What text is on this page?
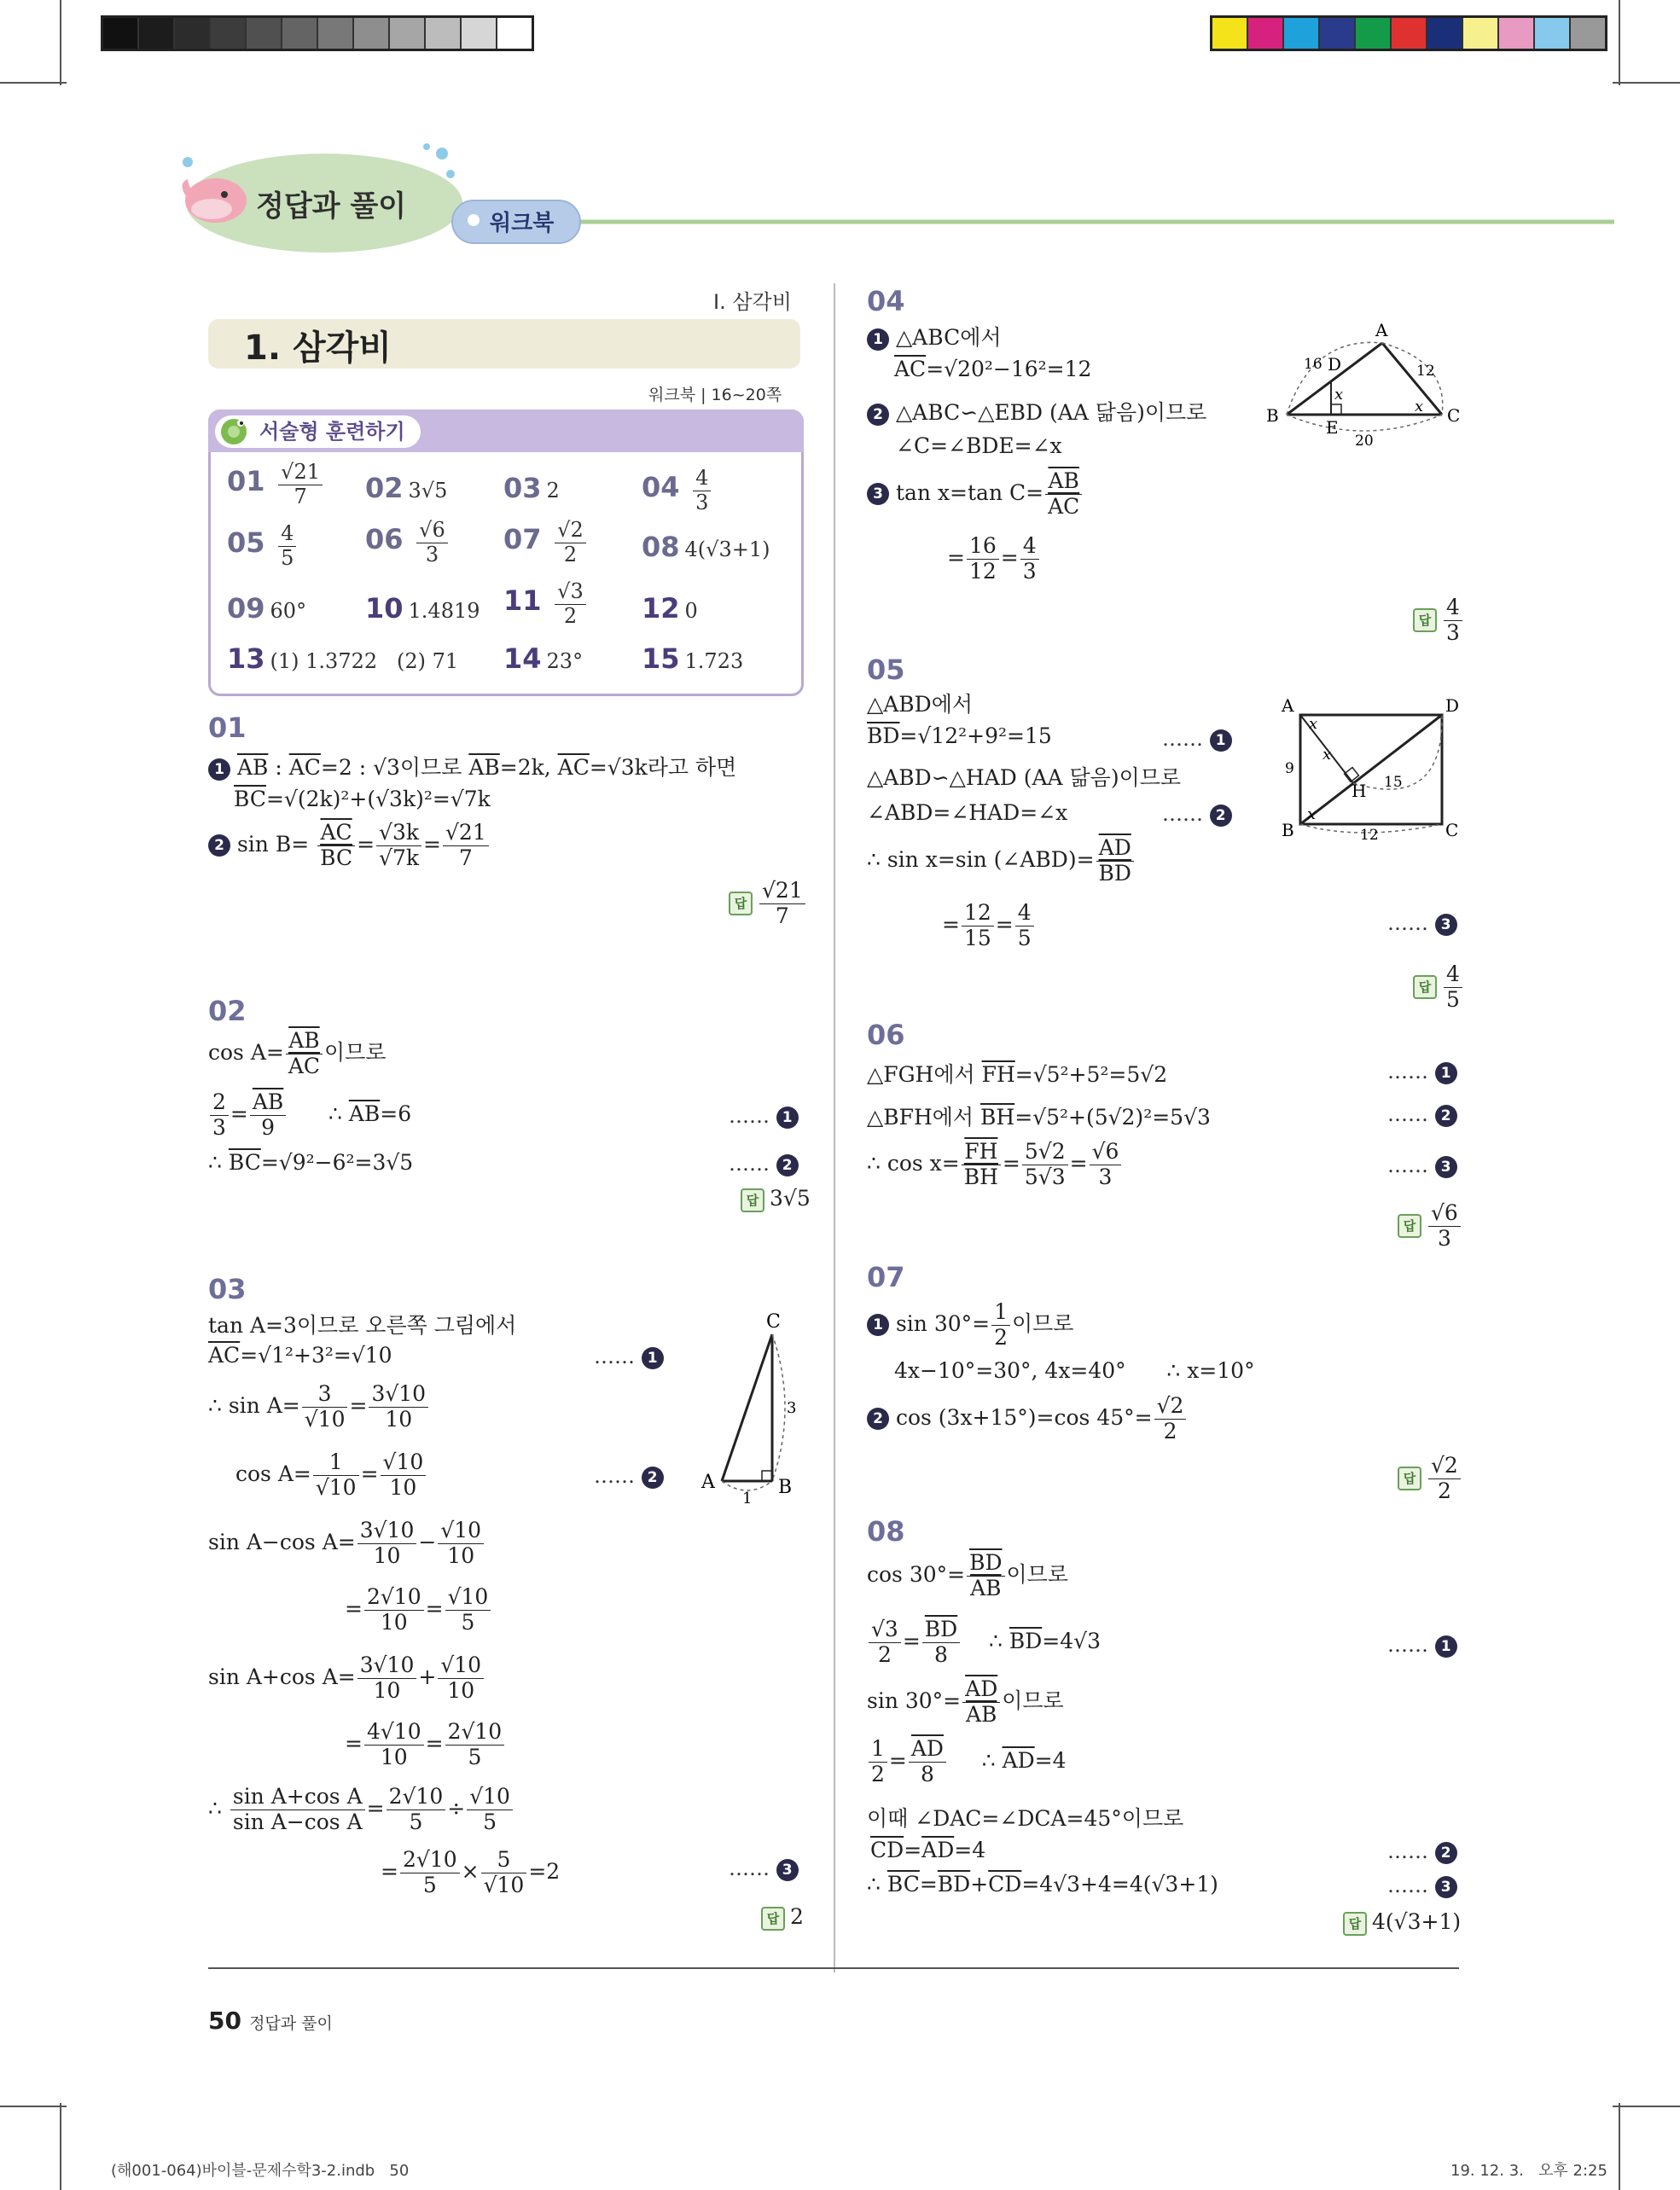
정답과 풀이	워크북
Ⅰ. 삼각비
1. 삼각비
워크북 | 16~20쪽
서술형 훈련하기
$01 \frac{√21}{7} 02$ 3√5 03 2	$04 \frac{4}{3}$
$05 \frac{4}{5}$	$06 \frac{√6}{3} 07 \frac{√2}{2} 08$ 4(√3+1)
09 60° 10 1.4819 $11 \frac{√3}{2} 12$ 0
13 (1) 1.3722   (2) 71 14 23° 15 1.723
01
1 $\overline{AB}$ : $\overline{AC}=2$ : √3이므로 $\overline{AB}=2k$, $\overline{AC}=√3k$라고 하면
$\overline{BC}=√(2k)^2+(√3k)^2=√7k$
2 $\sin B= \frac{\overline{AC}}{BC} = \frac{√3k}{√7k} = \frac{√21}{7}$
답 $\frac{√21}{7}$
02
$\cos A= \frac{\overline{AB}}{AC}$ 이므로
$\frac{2}{3} = \frac{\overline{AB}}{9}$ ∴ $\overline{AB}=6$	…… 1
∴ $\overline{BC}=√9^2-6^2=3√5$	…… 2
답 3√5
03
tan A=3이므로 오른쪽 그림에서
$\overline{AC}=√1^2+3^2=√10$	…… 1
∴ $\sin A= \frac{3}{√10} = \frac{3√10}{10}$
$\cos A= \frac{1}{√10} = \frac{√10}{10}$	…… 2
sin A−cos $A= \frac{3√10}{10} - \frac{√10}{10}$
= $\frac{2√10}{10} = \frac{√10}{5}$
sin A+cos $A= \frac{3√10}{10} + \frac{√10}{10}$
= $\frac{4√10}{10} = \frac{2√10}{5}$
∴ $\frac{\text{sin A+cos A}}{\text{sin A−cos A}} = \frac{2√10}{5} \div \frac{√10}{5}$
= $\frac{2√10}{5} \times \frac{5}{√10} =2$	…… 3
답 2
C
A	B
3
1
04
1 △ABC에서
$\overline{AC}=√20^2-16^2=12$
2 △ABC∽△EBD (AA 닮음)이므로
∠C=∠BDE=∠x
3 tan x=tan $C= \frac{\overline{AB}}{AC}$
= $\frac{16}{12} = \frac{4}{3}$
답 $\frac{4}{3}$
A
B	C
D
E
16	12
20
x
x
05
△ABD에서
$\overline{BD}=√12^2+9^2=15$	…… 1
△ABD∽△HAD (AA 닮음)이므로
∠ABD=∠HAD=∠x	…… 2
∴ sin x=sin (∠ABD)= $\frac{\overline{AD}}{BD}$
= $\frac{12}{15} = \frac{4}{5}$	…… 3
답 $\frac{4}{5}$
A	D
B	C
H
9
12
15
x
x
x
06
△FGH에서 $\overline{FH}=√5^2+5^2=5√2$	…… 1
△BFH에서 $\overline{BH}=√5^2+(5√2)^2=5√3$	…… 2
∴ $\cos x= \frac{\overline{FH}}{BH} = \frac{5√2}{5√3} = \frac{√6}{3}$	…… 3
답 $\frac{√6}{3}$
07
1 $\sin 30^\circ= \frac{1}{2}$ 이므로
4x−10°=30°, 4x=40°      ∴ x=10°
2 cos (3x+15°)=cos $45^\circ= \frac{√2}{2}$
답 $\frac{√2}{2}$
08
$\cos 30^\circ= \frac{\overline{BD}}{AB}$ 이므로
$\frac{√3}{2} = \frac{\overline{BD}}{8}$ ∴ $\overline{BD}=4√3$	…… 1
$\sin 30^\circ= \frac{\overline{AD}}{AB}$ 이므로
$\frac{1}{2} = \frac{\overline{AD}}{8}$ ∴ $\overline{AD}=4$
이때 ∠DAC=∠DCA=45°이므로
$\overline{CD}=\overline{AD}=4$	…… 2
∴ $\overline{BC}=\overline{BD}+\overline{CD}=4√3+4=4(√3+1)$	…… 3
답 4(√3+1)
50 정답과 풀이
(해001-064)바이블-문제수학3-2.indb   50	19. 12. 3.   오후 2:25
